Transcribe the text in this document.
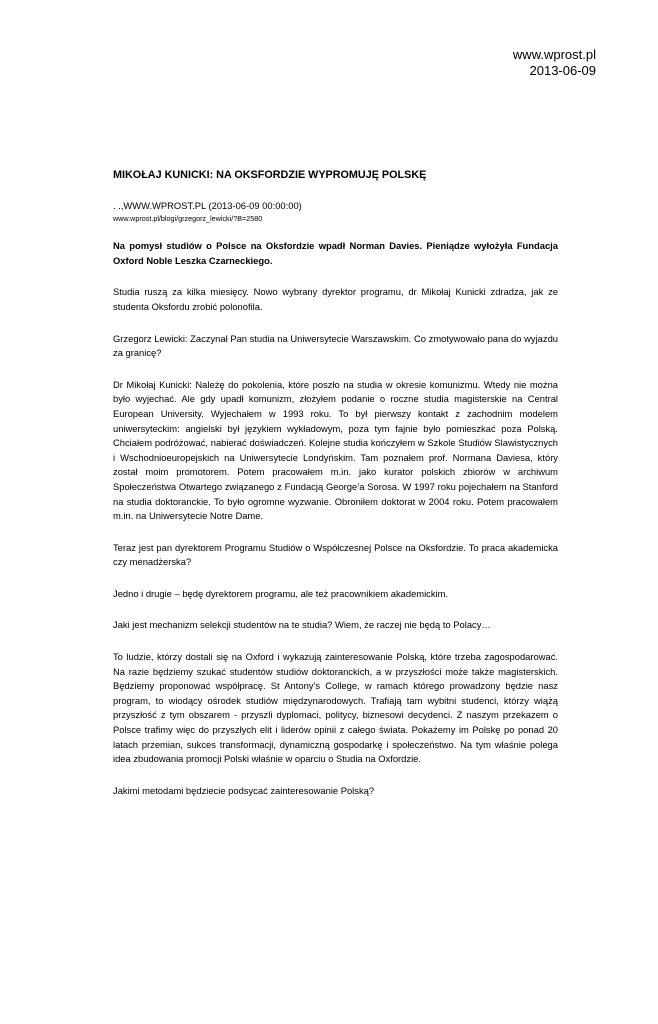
www.wprost.pl
2013-06-09
MIKOŁAJ KUNICKI: NA OKSFORDZIE WYPROMUJĘ POLSKĘ
. .,WWW.WPROST.PL (2013-06-09 00:00:00)
www.wprost.pl/blogi/grzegorz_lewicki/?B=2580
Na pomysł studiów o Polsce na Oksfordzie wpadł Norman Davies. Pieniądze wyłożyła Fundacja Oxford Noble Leszka Czarneckiego.
Studia ruszą za kilka miesięcy. Nowo wybrany dyrektor programu, dr Mikołaj Kunicki zdradza, jak ze studenta Oksfordu zrobić polonofila.
Grzegorz Lewicki: Zaczynał Pan studia na Uniwersytecie Warszawskim. Co zmotywowało pana do wyjazdu za granicę?
Dr Mikołaj Kunicki: Należę do pokolenia, które poszło na studia w okresie komunizmu. Wtedy nie można było wyjechać. Ale gdy upadł komunizm, złożyłem podanie o roczne studia magisterskie na Central European University. Wyjechałem w 1993 roku. To był pierwszy kontakt z zachodnim modelem uniwersyteckim: angielski był językiem wykładowym, poza tym fajnie było pomieszkać poza Polską. Chciałem podróżować, nabierać doświadczeń. Kolejne studia kończyłem w Szkole Studiów Slawistycznych i Wschodnioeuropejskich na Uniwersytecie Londyńskim. Tam poznałem prof. Normana Daviesa, który został moim promotorem. Potem pracowałem m.in. jako kurator polskich zbiorów w archiwum Społeczeństwa Otwartego związanego z Fundacją George’a Sorosa. W 1997 roku pojechałem na Stanford na studia doktoranckie. To było ogromne wyzwanie. Obroniłem doktorat w 2004 roku. Potem pracowałem m.in. na Uniwersytecie Notre Dame.
Teraz jest pan dyrektorem Programu Studiów o Współczesnej Polsce na Oksfordzie. To praca akademicka czy menadżerska?
Jedno i drugie – będę dyrektorem programu, ale też pracownikiem akademickim.
Jaki jest mechanizm selekcji studentów na te studia? Wiem, że raczej nie będą to Polacy…
To ludzie, którzy dostali się na Oxford i wykazują zainteresowanie Polską, które trzeba zagospodarować. Na razie będziemy szukać studentów studiów doktoranckich, a w przyszłości może także magisterskich. Będziemy proponować współpracę. St Antony’s College, w ramach którego prowadzony będzie nasz program, to wiodący ośrodek studiów międzynarodowych. Trafiają tam wybitni studenci, którzy wiążą przyszłość z tym obszarem - przyszli dyplomaci, politycy, biznesowi decydenci. Z naszym przekazem o Polsce trafimy więc do przyszłych elit i liderów opinii z całego świata. Pokażemy im Polskę po ponad 20 latach przemian, sukces transformacji, dynamiczną gospodarkę i społeczeństwo. Na tym właśnie polega idea zbudowania promocji Polski właśnie w oparciu o Studia na Oxfordzie.
Jakimi metodami będziecie podsycać zainteresowanie Polską?
